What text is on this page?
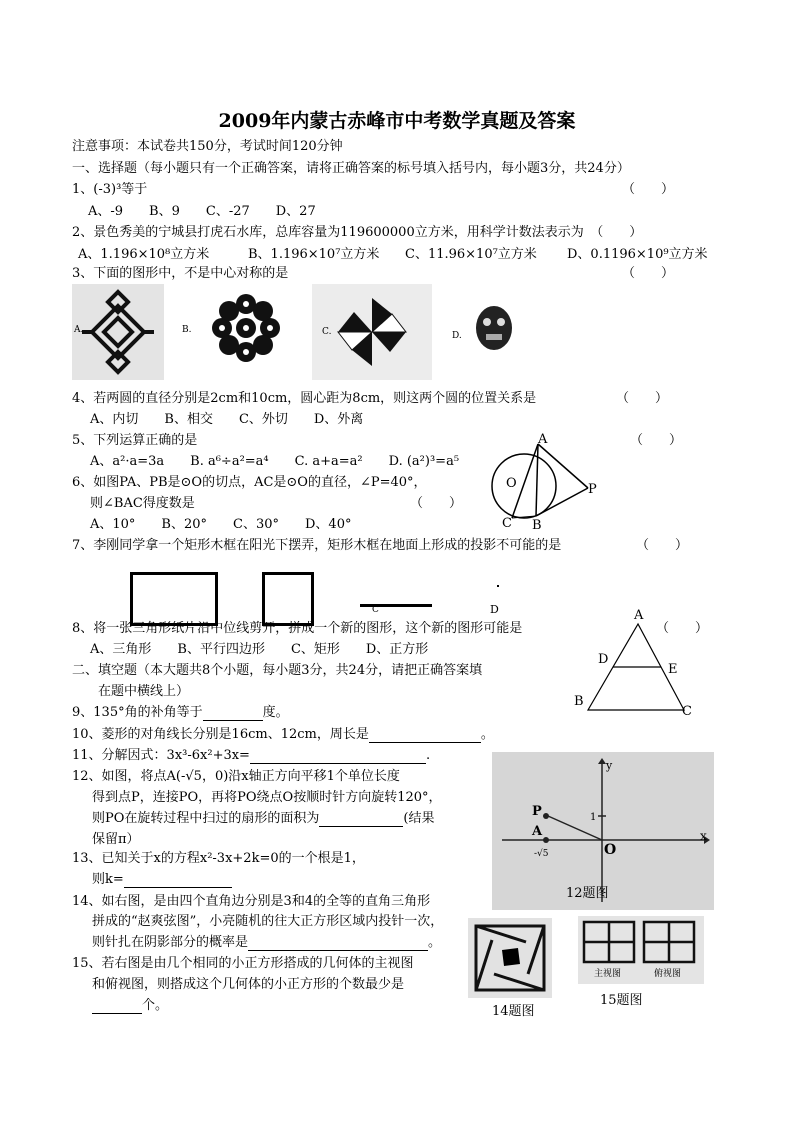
2009年内蒙古赤峰市中考数学真题及答案
注意事项：本试卷共150分，考试时间120分钟
一、选择题（每小题只有一个正确答案，请将正确答案的标号填入括号内，每小题3分，共24分）
1、(-3)³等于	（　　）
A、-9　　B、9　　C、-27　　D、27
2、景色秀美的宁城县打虎石水库，总库容量为119600000立方米，用科学计数法表示为　（　　）
A、1.196×10⁸立方米	B、1.196×10⁷立方米 C、11.96×10⁷立方米 D、0.1196×10⁹立方米
3、下面的图形中，不是中心对称的是	（　　）
A.	B.	C.	D.
4、若两圆的直径分别是2cm和10cm，圆心距为8cm，则这两个圆的位置关系是	（　　）
A、内切　　B、相交　　C、外切　　D、外离
5、下列运算正确的是	（　　）
A、a²·a=3a　　B. a⁶÷a²=a⁴　　C. a+a=a²　　D. (a²)³=a⁵
6、如图PA、PB是⊙O的切点，AC是⊙O的直径，∠P=40°，
则∠BAC得度数是	（　　）
A、10°　　B、20°　　C、30°　　D、40°
A
O	P
C B
7、李刚同学拿一个矩形木框在阳光下摆弄，矩形木框在地面上形成的投影不可能的是	（　　）
C	D
8、将一张三角形纸片沿中位线剪开，拼成一个新的图形，这个新的图形可能是	（　　）
A、三角形　　B、平行四边形　　C、矩形　　D、正方形
A
D
E
B
C
二、填空题（本大题共8个小题，每小题3分，共24分，请把正确答案填
在题中横线上）
9、135°角的补角等于	度。
10、菱形的对角线长分别是16cm、12cm，周长是	。
11、分解因式：3x³-6x²+3x=	.
12、如图，将点A(-√5，0)沿x轴正方向平移1个单位长度
得到点P，连接PO，再将PO绕点O按顺时针方向旋转120°，
则PO在旋转过程中扫过的扇形的面积为	(结果
保留π）
y
x
P
A
O
1
-√5
12题图
13、已知关于x的方程x²-3x+2k=0的一个根是1，
则k=
14、如右图，是由四个直角边分别是3和4的全等的直角三角形
拼成的“赵爽弦图”，小亮随机的往大正方形区域内投针一次，
则针扎在阴影部分的概率是	。
14题图
15、若右图是由几个相同的小正方形搭成的几何体的主视图
和俯视图，则搭成这个几何体的小正方形的个数最少是
个。
主视图	俯视图
15题图
